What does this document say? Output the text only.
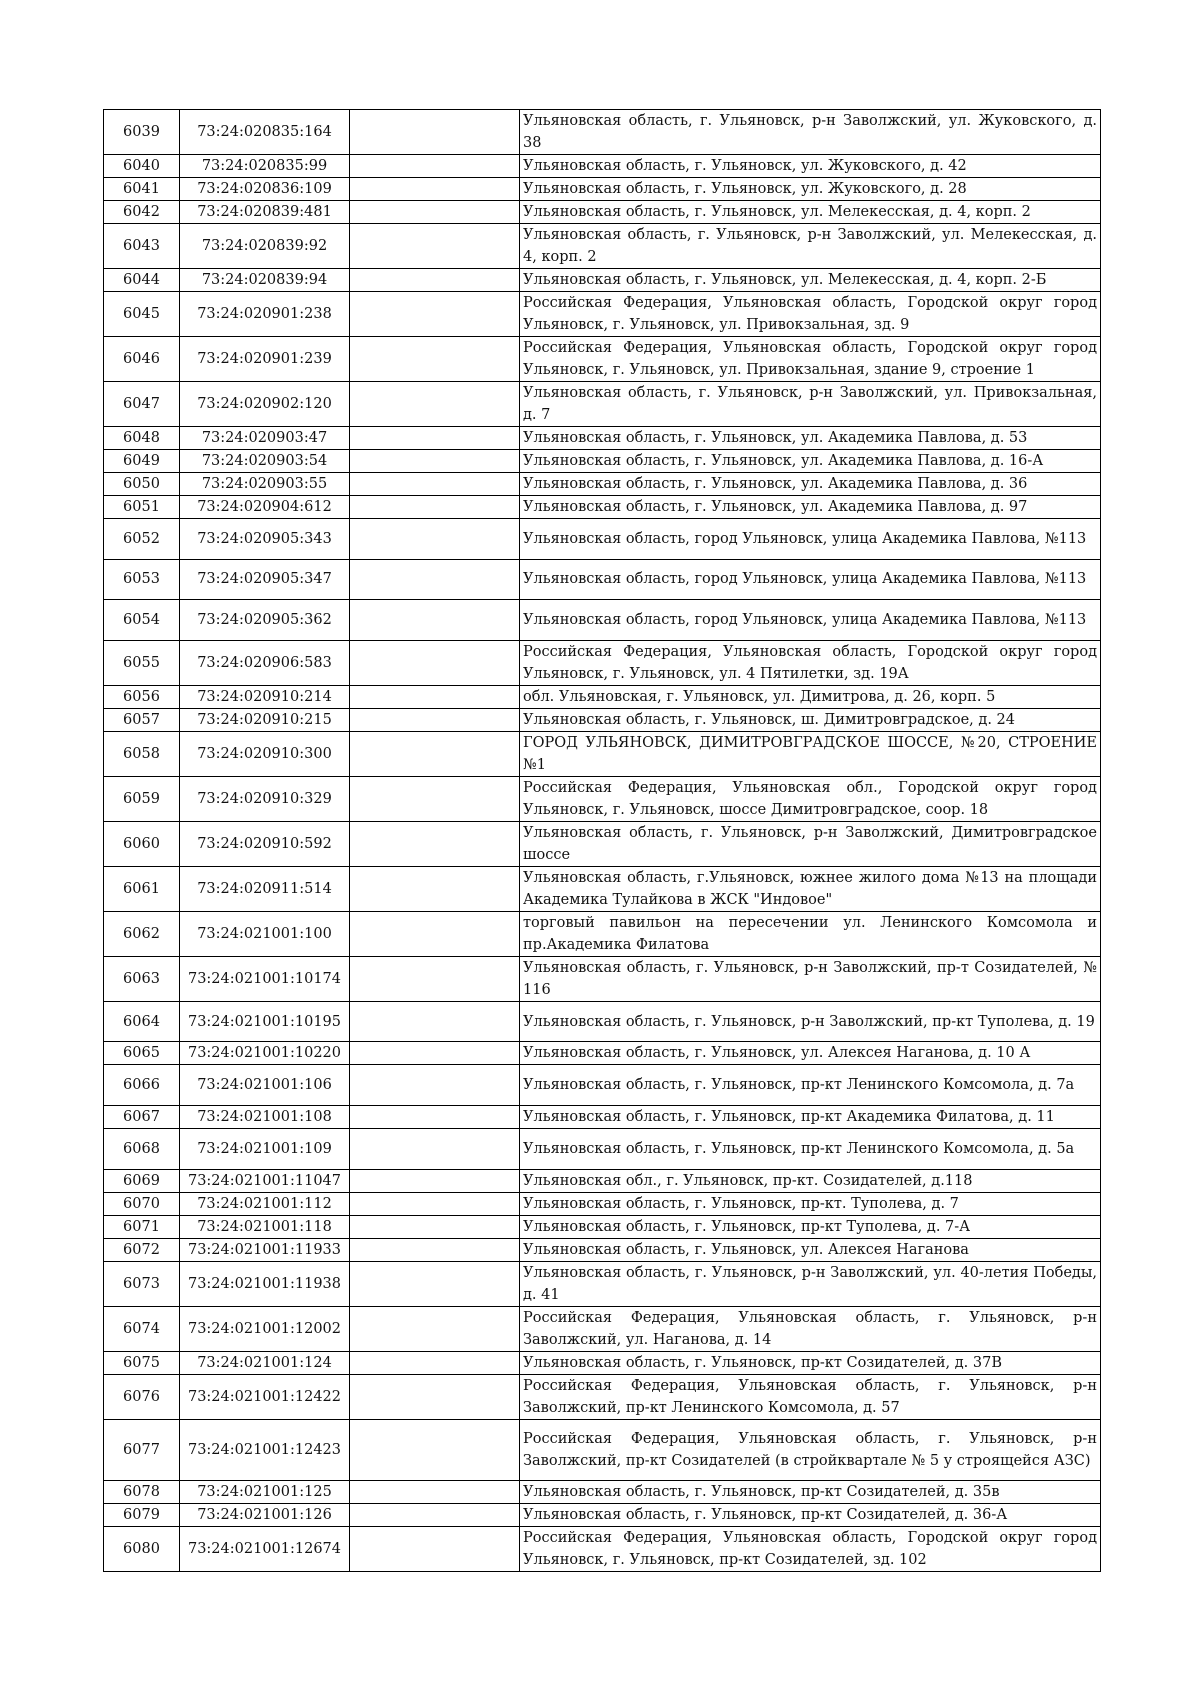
6039	73:24:020835:164		Ульяновская область, г. Ульяновск, р-н Заволжский, ул. Жуковского, д. 38
6040	73:24:020835:99		Ульяновская область, г. Ульяновск, ул. Жуковского, д. 42
6041	73:24:020836:109		Ульяновская область, г. Ульяновск, ул. Жуковского, д. 28
6042	73:24:020839:481		Ульяновская область, г. Ульяновск, ул. Мелекесская, д. 4, корп. 2
6043	73:24:020839:92		Ульяновская область, г. Ульяновск, р-н Заволжский, ул. Мелекесская, д. 4, корп. 2
6044	73:24:020839:94		Ульяновская область, г. Ульяновск, ул. Мелекесская, д. 4, корп. 2-Б
6045	73:24:020901:238		Российская Федерация, Ульяновская область, Городской округ город Ульяновск, г. Ульяновск, ул. Привокзальная, зд. 9
6046	73:24:020901:239		Российская Федерация, Ульяновская область, Городской округ город Ульяновск, г. Ульяновск, ул. Привокзальная, здание 9, строение 1
6047	73:24:020902:120		Ульяновская область, г. Ульяновск, р-н Заволжский, ул. Привокзальная, д. 7
6048	73:24:020903:47		Ульяновская область, г. Ульяновск, ул. Академика Павлова, д. 53
6049	73:24:020903:54		Ульяновская область, г. Ульяновск, ул. Академика Павлова, д. 16-А
6050	73:24:020903:55		Ульяновская область, г. Ульяновск, ул. Академика Павлова, д. 36
6051	73:24:020904:612		Ульяновская область, г. Ульяновск, ул. Академика Павлова, д. 97
6052	73:24:020905:343		Ульяновская область, город Ульяновск, улица Академика Павлова, №113
6053	73:24:020905:347		Ульяновская область, город Ульяновск, улица Академика Павлова, №113
6054	73:24:020905:362		Ульяновская область, город Ульяновск, улица Академика Павлова, №113
6055	73:24:020906:583		Российская Федерация, Ульяновская область, Городской округ город Ульяновск, г. Ульяновск, ул. 4 Пятилетки, зд. 19А
6056	73:24:020910:214		обл. Ульяновская, г. Ульяновск, ул. Димитрова, д. 26, корп. 5
6057	73:24:020910:215		Ульяновская область, г. Ульяновск, ш. Димитровградское, д. 24
6058	73:24:020910:300		ГОРОД УЛЬЯНОВСК, ДИМИТРОВГРАДСКОЕ ШОССЕ, №20, СТРОЕНИЕ №1
6059	73:24:020910:329		Российская Федерация, Ульяновская обл., Городской округ город Ульяновск, г. Ульяновск, шоссе Димитровградское, соор. 18
6060	73:24:020910:592		Ульяновская область, г. Ульяновск, р-н Заволжский, Димитровградское шоссе
6061	73:24:020911:514		Ульяновская область, г.Ульяновск, южнее жилого дома №13 на площади Академика Тулайкова в ЖСК "Индовое"
6062	73:24:021001:100		торговый павильон на пересечении ул. Ленинского Комсомола и пр.Академика Филатова
6063	73:24:021001:10174		Ульяновская область, г. Ульяновск, р-н Заволжский, пр-т Созидателей, № 116
6064	73:24:021001:10195		Ульяновская область, г. Ульяновск, р-н Заволжский, пр-кт Туполева, д. 19
6065	73:24:021001:10220		Ульяновская область, г. Ульяновск, ул. Алексея Наганова, д. 10 А
6066	73:24:021001:106		Ульяновская область, г. Ульяновск, пр-кт Ленинского Комсомола, д. 7а
6067	73:24:021001:108		Ульяновская область, г. Ульяновск, пр-кт Академика Филатова, д. 11
6068	73:24:021001:109		Ульяновская область, г. Ульяновск, пр-кт Ленинского Комсомола, д. 5а
6069	73:24:021001:11047		Ульяновская обл., г. Ульяновск, пр-кт. Созидателей, д.118
6070	73:24:021001:112		Ульяновская область, г. Ульяновск, пр-кт. Туполева, д. 7
6071	73:24:021001:118		Ульяновская область, г. Ульяновск, пр-кт Туполева, д. 7-А
6072	73:24:021001:11933		Ульяновская область, г. Ульяновск, ул. Алексея Наганова
6073	73:24:021001:11938		Ульяновская область, г. Ульяновск, р-н Заволжский, ул. 40-летия Победы, д. 41
6074	73:24:021001:12002		Российская Федерация, Ульяновская область, г. Ульяновск, р-н Заволжский, ул. Наганова, д. 14
6075	73:24:021001:124		Ульяновская область, г. Ульяновск, пр-кт Созидателей, д. 37В
6076	73:24:021001:12422		Российская Федерация, Ульяновская область, г. Ульяновск, р-н Заволжский, пр-кт Ленинского Комсомола, д. 57
6077	73:24:021001:12423		Российская Федерация, Ульяновская область, г. Ульяновск, р-н Заволжский, пр-кт Созидателей (в стройквартале № 5 у строящейся АЗС)
6078	73:24:021001:125		Ульяновская область, г. Ульяновск, пр-кт Созидателей, д. 35в
6079	73:24:021001:126		Ульяновская область, г. Ульяновск, пр-кт Созидателей, д. 36-А
6080	73:24:021001:12674		Российская Федерация, Ульяновская область, Городской округ город Ульяновск, г. Ульяновск, пр-кт Созидателей, зд. 102
